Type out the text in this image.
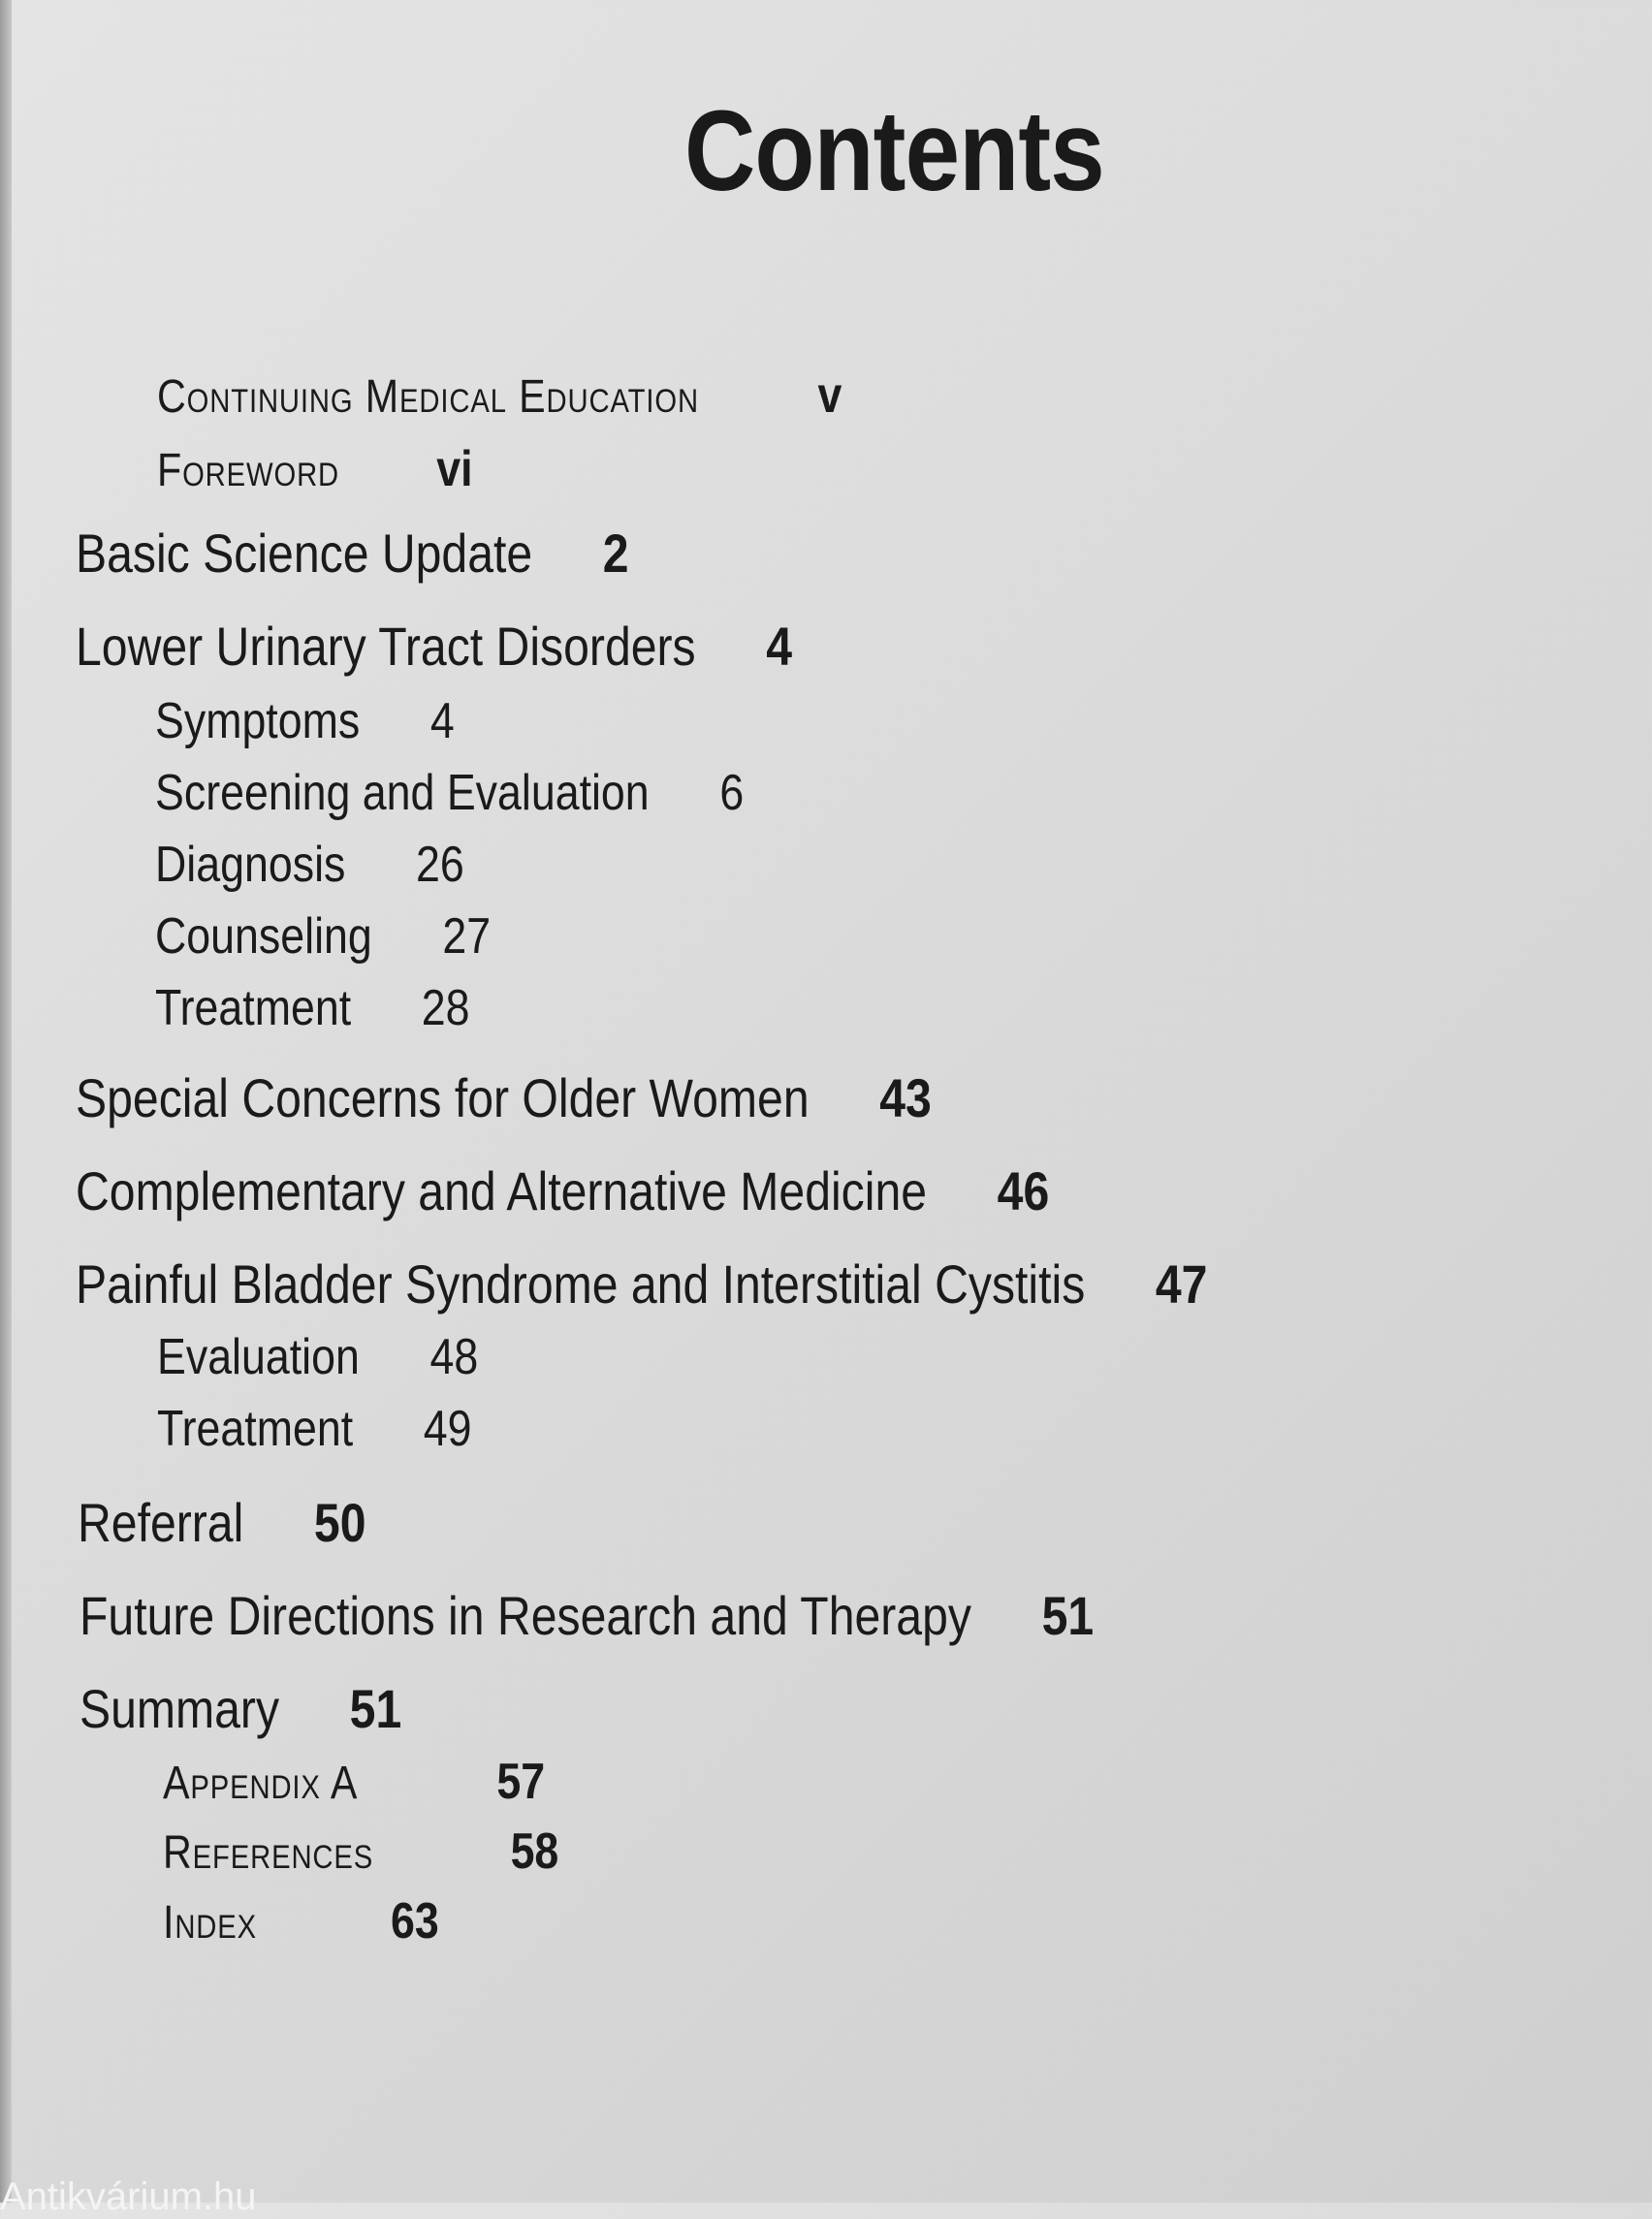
Contents
Continuing Medical Education v
Foreword vi
Basic Science Update 2
Lower Urinary Tract Disorders 4
Symptoms 4
Screening and Evaluation 6
Diagnosis 26
Counseling 27
Treatment 28
Special Concerns for Older Women 43
Complementary and Alternative Medicine 46
Painful Bladder Syndrome and Interstitial Cystitis 47
Evaluation 48
Treatment 49
Referral 50
Future Directions in Research and Therapy 51
Summary 51
Appendix A	57
References	58
Index	63
Antikvárium.hu
